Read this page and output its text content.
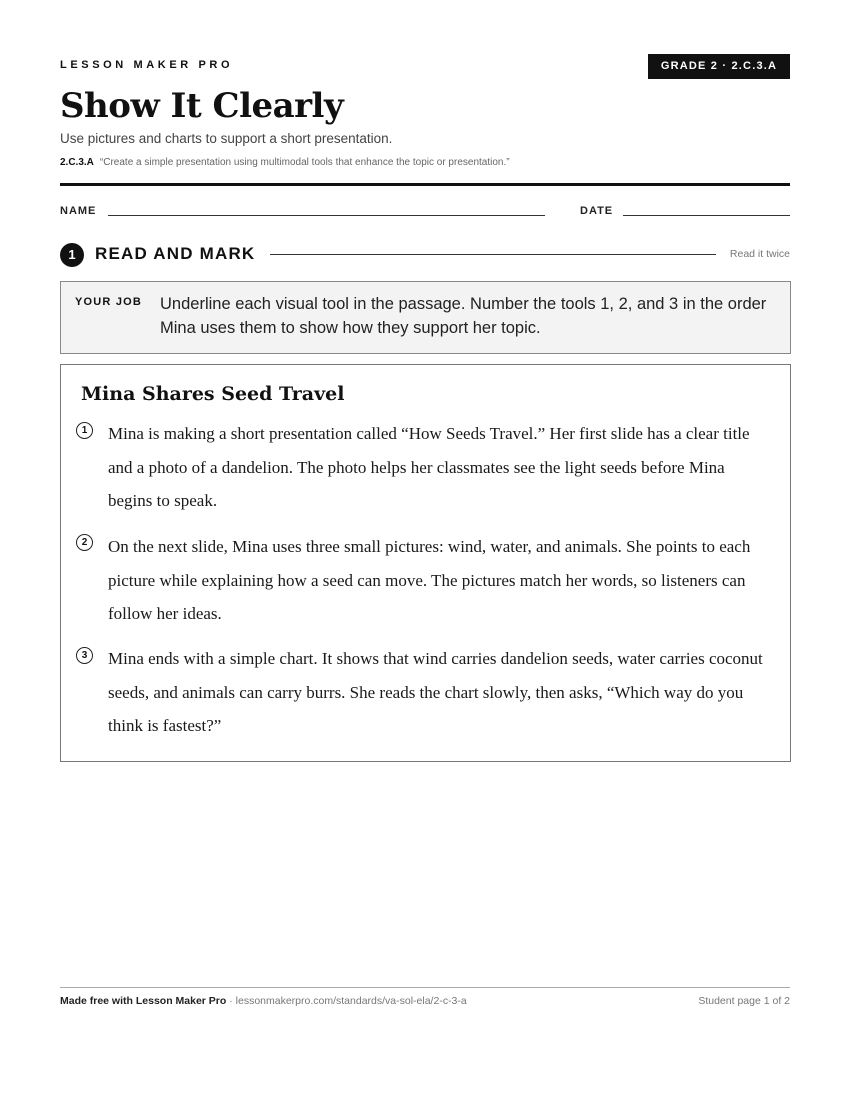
LESSON MAKER PRO	GRADE 2 · 2.C.3.A
Show It Clearly
Use pictures and charts to support a short presentation.
2.C.3.A “Create a simple presentation using multimodal tools that enhance the topic or presentation.”
NAME	DATE
1	READ AND MARK	Read it twice
YOUR JOB Underline each visual tool in the passage. Number the tools 1, 2, and 3 in the order Mina uses them to show how they support her topic.
Mina Shares Seed Travel
1	Mina is making a short presentation called “How Seeds Travel.” Her first slide has a clear title and a photo of a dandelion. The photo helps her classmates see the light seeds before Mina begins to speak.
2	On the next slide, Mina uses three small pictures: wind, water, and animals. She points to each picture while explaining how a seed can move. The pictures match her words, so listeners can follow her ideas.
3	Mina ends with a simple chart. It shows that wind carries dandelion seeds, water carries coconut seeds, and animals can carry burrs. She reads the chart slowly, then asks, “Which way do you think is fastest?”
Made free with Lesson Maker Pro · lessonmakerpro.com/standards/va-sol-ela/2-c-3-a	Student page 1 of 2
